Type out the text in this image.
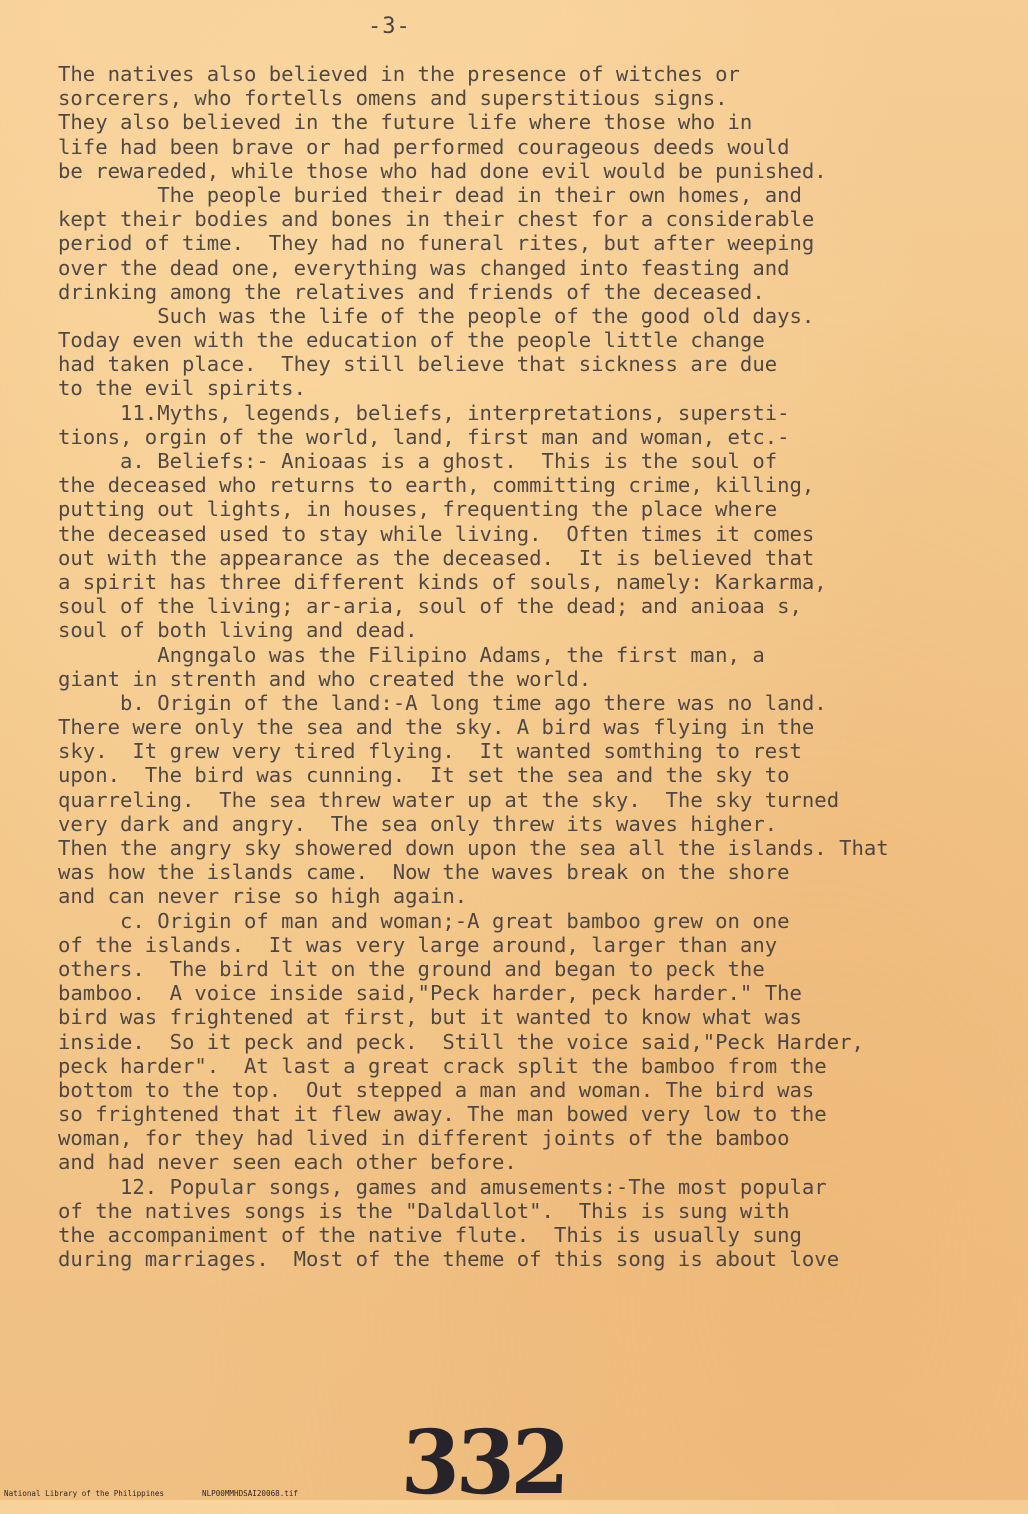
-3-
The natives also believed in the presence of witches or
sorcerers, who fortells omens and superstitious signs.
They also believed in the future life where those who in
life had been brave or had performed courageous deeds would
be rewareded, while those who had done evil would be punished.
The people buried their dead in their own homes, and
kept their bodies and bones in their chest for a considerable
period of time.  They had no funeral rites, but after weeping
over the dead one, everything was changed into feasting and
drinking among the relatives and friends of the deceased.
Such was the life of the people of the good old days.
Today even with the education of the people little change
had taken place.  They still believe that sickness are due
to the evil spirits.
11.Myths, legends, beliefs, interpretations, supersti-
tions, orgin of the world, land, first man and woman, etc.-
a. Beliefs:- Anioaas is a ghost.  This is the soul of
the deceased who returns to earth, committing crime, killing,
putting out lights, in houses, frequenting the place where
the deceased used to stay while living.  Often times it comes
out with the appearance as the deceased.  It is believed that
a spirit has three different kinds of souls, namely: Karkarma,
soul of the living; ar-aria, soul of the dead; and anioaa s,
soul of both living and dead.
Angngalo was the Filipino Adams, the first man, a
giant in strenth and who created the world.
b. Origin of the land:-A long time ago there was no land.
There were only the sea and the sky. A bird was flying in the
sky.  It grew very tired flying.  It wanted somthing to rest
upon.  The bird was cunning.  It set the sea and the sky to
quarreling.  The sea threw water up at the sky.  The sky turned
very dark and angry.  The sea only threw its waves higher.
Then the angry sky showered down upon the sea all the islands. That
was how the islands came.  Now the waves break on the shore
and can never rise so high again.
c. Origin of man and woman;-A great bamboo grew on one
of the islands.  It was very large around, larger than any
others.  The bird lit on the ground and began to peck the
bamboo.  A voice inside said,"Peck harder, peck harder." The
bird was frightened at first, but it wanted to know what was
inside.  So it peck and peck.  Still the voice said,"Peck Harder,
peck harder".  At last a great crack split the bamboo from the
bottom to the top.  Out stepped a man and woman. The bird was
so frightened that it flew away. The man bowed very low to the
woman, for they had lived in different joints of the bamboo
and had never seen each other before.
12. Popular songs, games and amusements:-The most popular
of the natives songs is the "Daldallot".  This is sung with
the accompaniment of the native flute.  This is usually sung
during marriages.  Most of the theme of this song is about love
332
National Library of the Philippines	NLP00MMHDSAI20068.tif
